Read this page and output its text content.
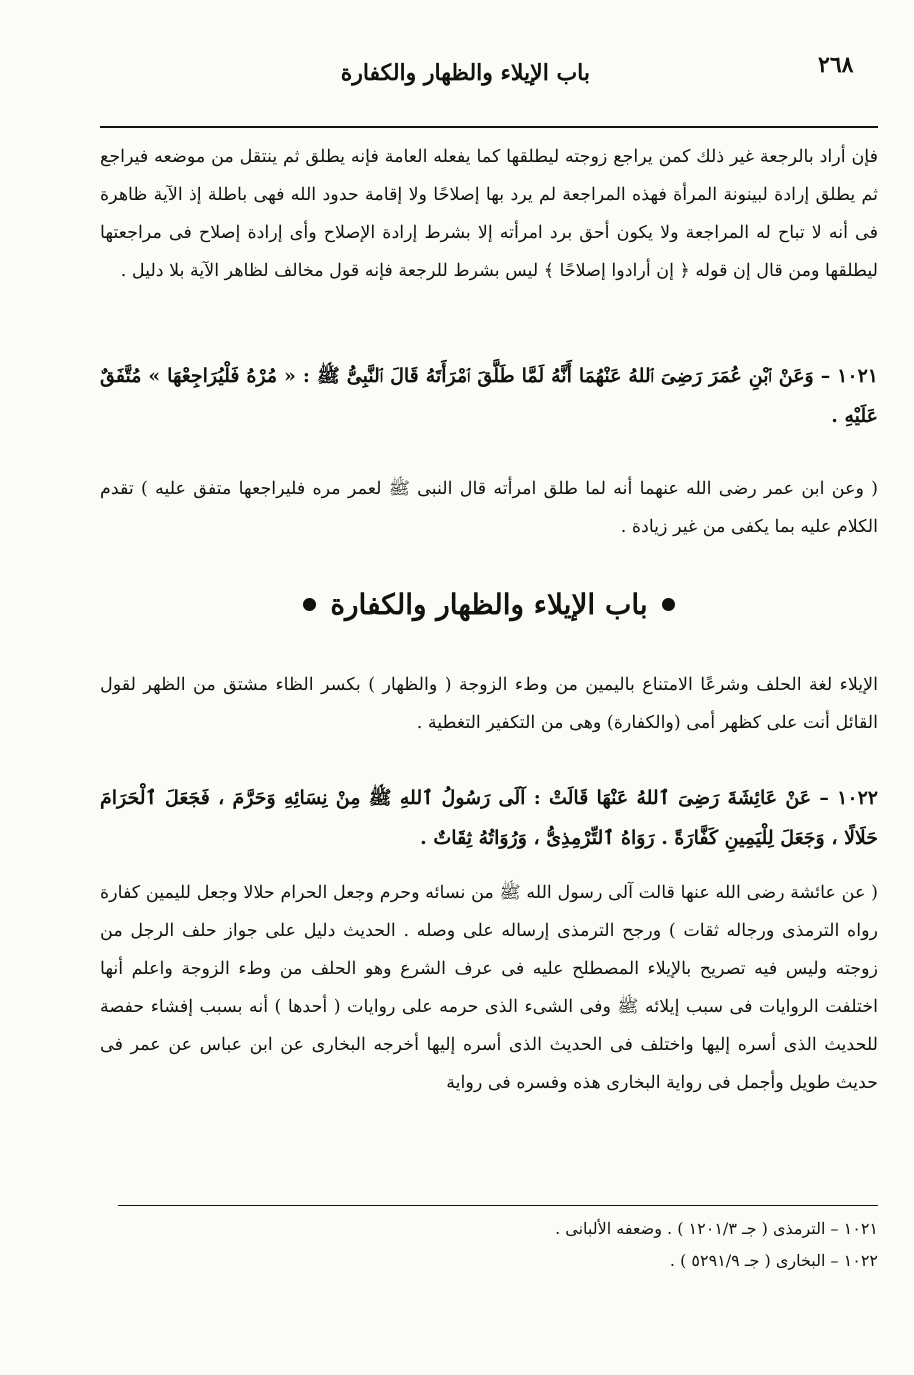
٢٦٨
باب الإيلاء والظهار والكفارة
فإن أراد بالرجعة غير ذلك كمن يراجع زوجته ليطلقها كما يفعله العامة فإنه يطلق ثم ينتقل من موضعه فيراجع ثم يطلق إرادة لبينونة المرأة فهذه المراجعة لم يرد بها إصلاحًا ولا إقامة حدود الله فهى باطلة إذ الآية ظاهرة فى أنه لا تباح له المراجعة ولا يكون أحق برد امرأته إلا بشرط إرادة الإصلاح وأى إرادة إصلاح فى مراجعتها ليطلقها ومن قال إن قوله ﴿ إن أرادوا إصلاحًا ﴾ ليس بشرط للرجعة فإنه قول مخالف لظاهر الآية بلا دليل .
١٠٢١ – وَعَنْ ٱبْنِ عُمَرَ رَضِىَ ٱللهُ عَنْهُمَا أَنَّهُ لَمَّا طَلَّقَ ٱمْرَأَتَهُ قَالَ ٱلنَّبِىُّ ﷺ : « مُرْهُ فَلْيُرَاجِعْهَا » مُتَّفَقٌ عَلَيْهِ .
( وعن ابن عمر رضى الله عنهما أنه لما طلق امرأته قال النبى ﷺ لعمر مره فليراجعها متفق عليه ) تقدم الكلام عليه بما يكفى من غير زيادة .
باب الإيلاء والظهار والكفارة
الإيلاء لغة الحلف وشرعًا الامتناع باليمين من وطء الزوجة ( والظهار ) بكسر الظاء مشتق من الظهر لقول القائل أنت على كظهر أمى (والكفارة) وهى من التكفير التغطية .
١٠٢٢ – عَنْ عَائِشَةَ رَضِىَ ٱللهُ عَنْهَا قَالَتْ : آلَى رَسُولُ ٱللهِ ﷺ مِنْ نِسَائِهِ وَحَرَّمَ ، فَجَعَلَ ٱلْحَرَامَ حَلَالًا ، وَجَعَلَ لِلْيَمِينِ كَفَّارَةً . رَوَاهُ ٱلتِّرْمِذِىُّ ، وَرُوَاتُهُ ثِقَاتٌ .
( عن عائشة رضى الله عنها قالت آلى رسول الله ﷺ من نسائه وحرم وجعل الحرام حلالا وجعل لليمين كفارة رواه الترمذى ورجاله ثقات ) ورجح الترمذى إرساله على وصله . الحديث دليل على جواز حلف الرجل من زوجته وليس فيه تصريح بالإيلاء المصطلح عليه فى عرف الشرع وهو الحلف من وطء الزوجة واعلم أنها اختلفت الروايات فى سبب إيلائه ﷺ وفى الشىء الذى حرمه على روايات ( أحدها ) أنه بسبب إفشاء حفصة للحديث الذى أسره إليها واختلف فى الحديث الذى أسره إليها أخرجه البخارى عن ابن عباس عن عمر فى حديث طويل وأجمل فى رواية البخارى هذه وفسره فى رواية
١٠٢١ – الترمذى ( جـ ١٢٠١/٣ ) . وضعفه الألبانى .
١٠٢٢ – البخارى ( جـ ٥٢٩١/٩ ) .
